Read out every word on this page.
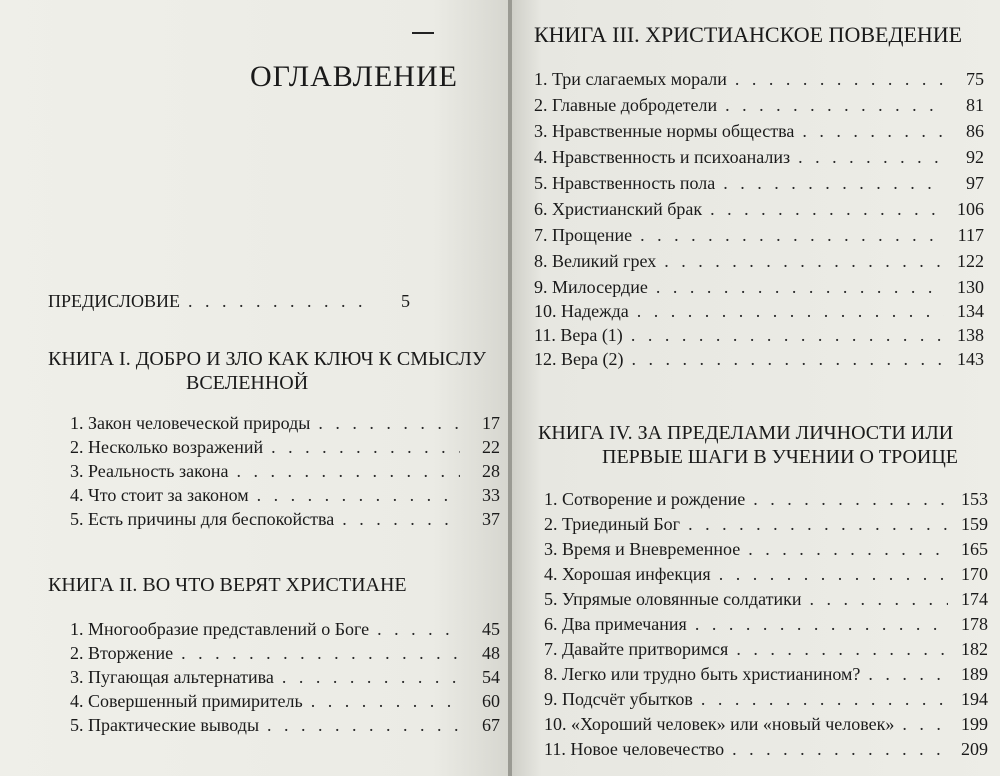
ОГЛАВЛЕНИЕ
ПРЕДИСЛОВИЕ . . .	5
КНИГА I. ДОБРО И ЗЛО КАК КЛЮЧ К СМЫСЛУ
ВСЕЛЕННОЙ
1. Закон человеческой природы . . .	17
2. Несколько возражений . . .	22
3. Реальность закона . . .	28
4. Что стоит за законом . . .	33
5. Есть причины для беспокойства . . .	37
КНИГА II. ВО ЧТО ВЕРЯТ ХРИСТИАНЕ
1. Многообразие представлений о Боге . . .	45
2. Вторжение . . .	48
3. Пугающая альтернатива . . .	54
4. Совершенный примиритель . . .	60
5. Практические выводы . . .	67
КНИГА III. ХРИСТИАНСКОЕ ПОВЕДЕНИЕ
1. Три слагаемых морали . . .	75
2. Главные добродетели . . .	81
3. Нравственные нормы общества . . .	86
4. Нравственность и психоанализ . . .	92
5. Нравственность пола . . .	97
6. Христианский брак . . .	106
7. Прощение . . .	117
8. Великий грех . . .	122
9. Милосердие . . .	130
10. Надежда . . .	134
11. Вера (1) . . .	138
12. Вера (2) . . .	143
КНИГА IV. ЗА ПРЕДЕЛАМИ ЛИЧНОСТИ ИЛИ
ПЕРВЫЕ ШАГИ В УЧЕНИИ О ТРОИЦЕ
1. Сотворение и рождение . . .	153
2. Триединый Бог . . .	159
3. Время и Вневременное . . .	165
4. Хорошая инфекция . . .	170
5. Упрямые оловянные солдатики . . .	174
6. Два примечания . . .	178
7. Давайте притворимся . . .	182
8. Легко или трудно быть христианином? . . .	189
9. Подсчёт убытков . . .	194
10. «Хороший человек» или «новый человек» . . .	199
11. Новое человечество . . .	209
